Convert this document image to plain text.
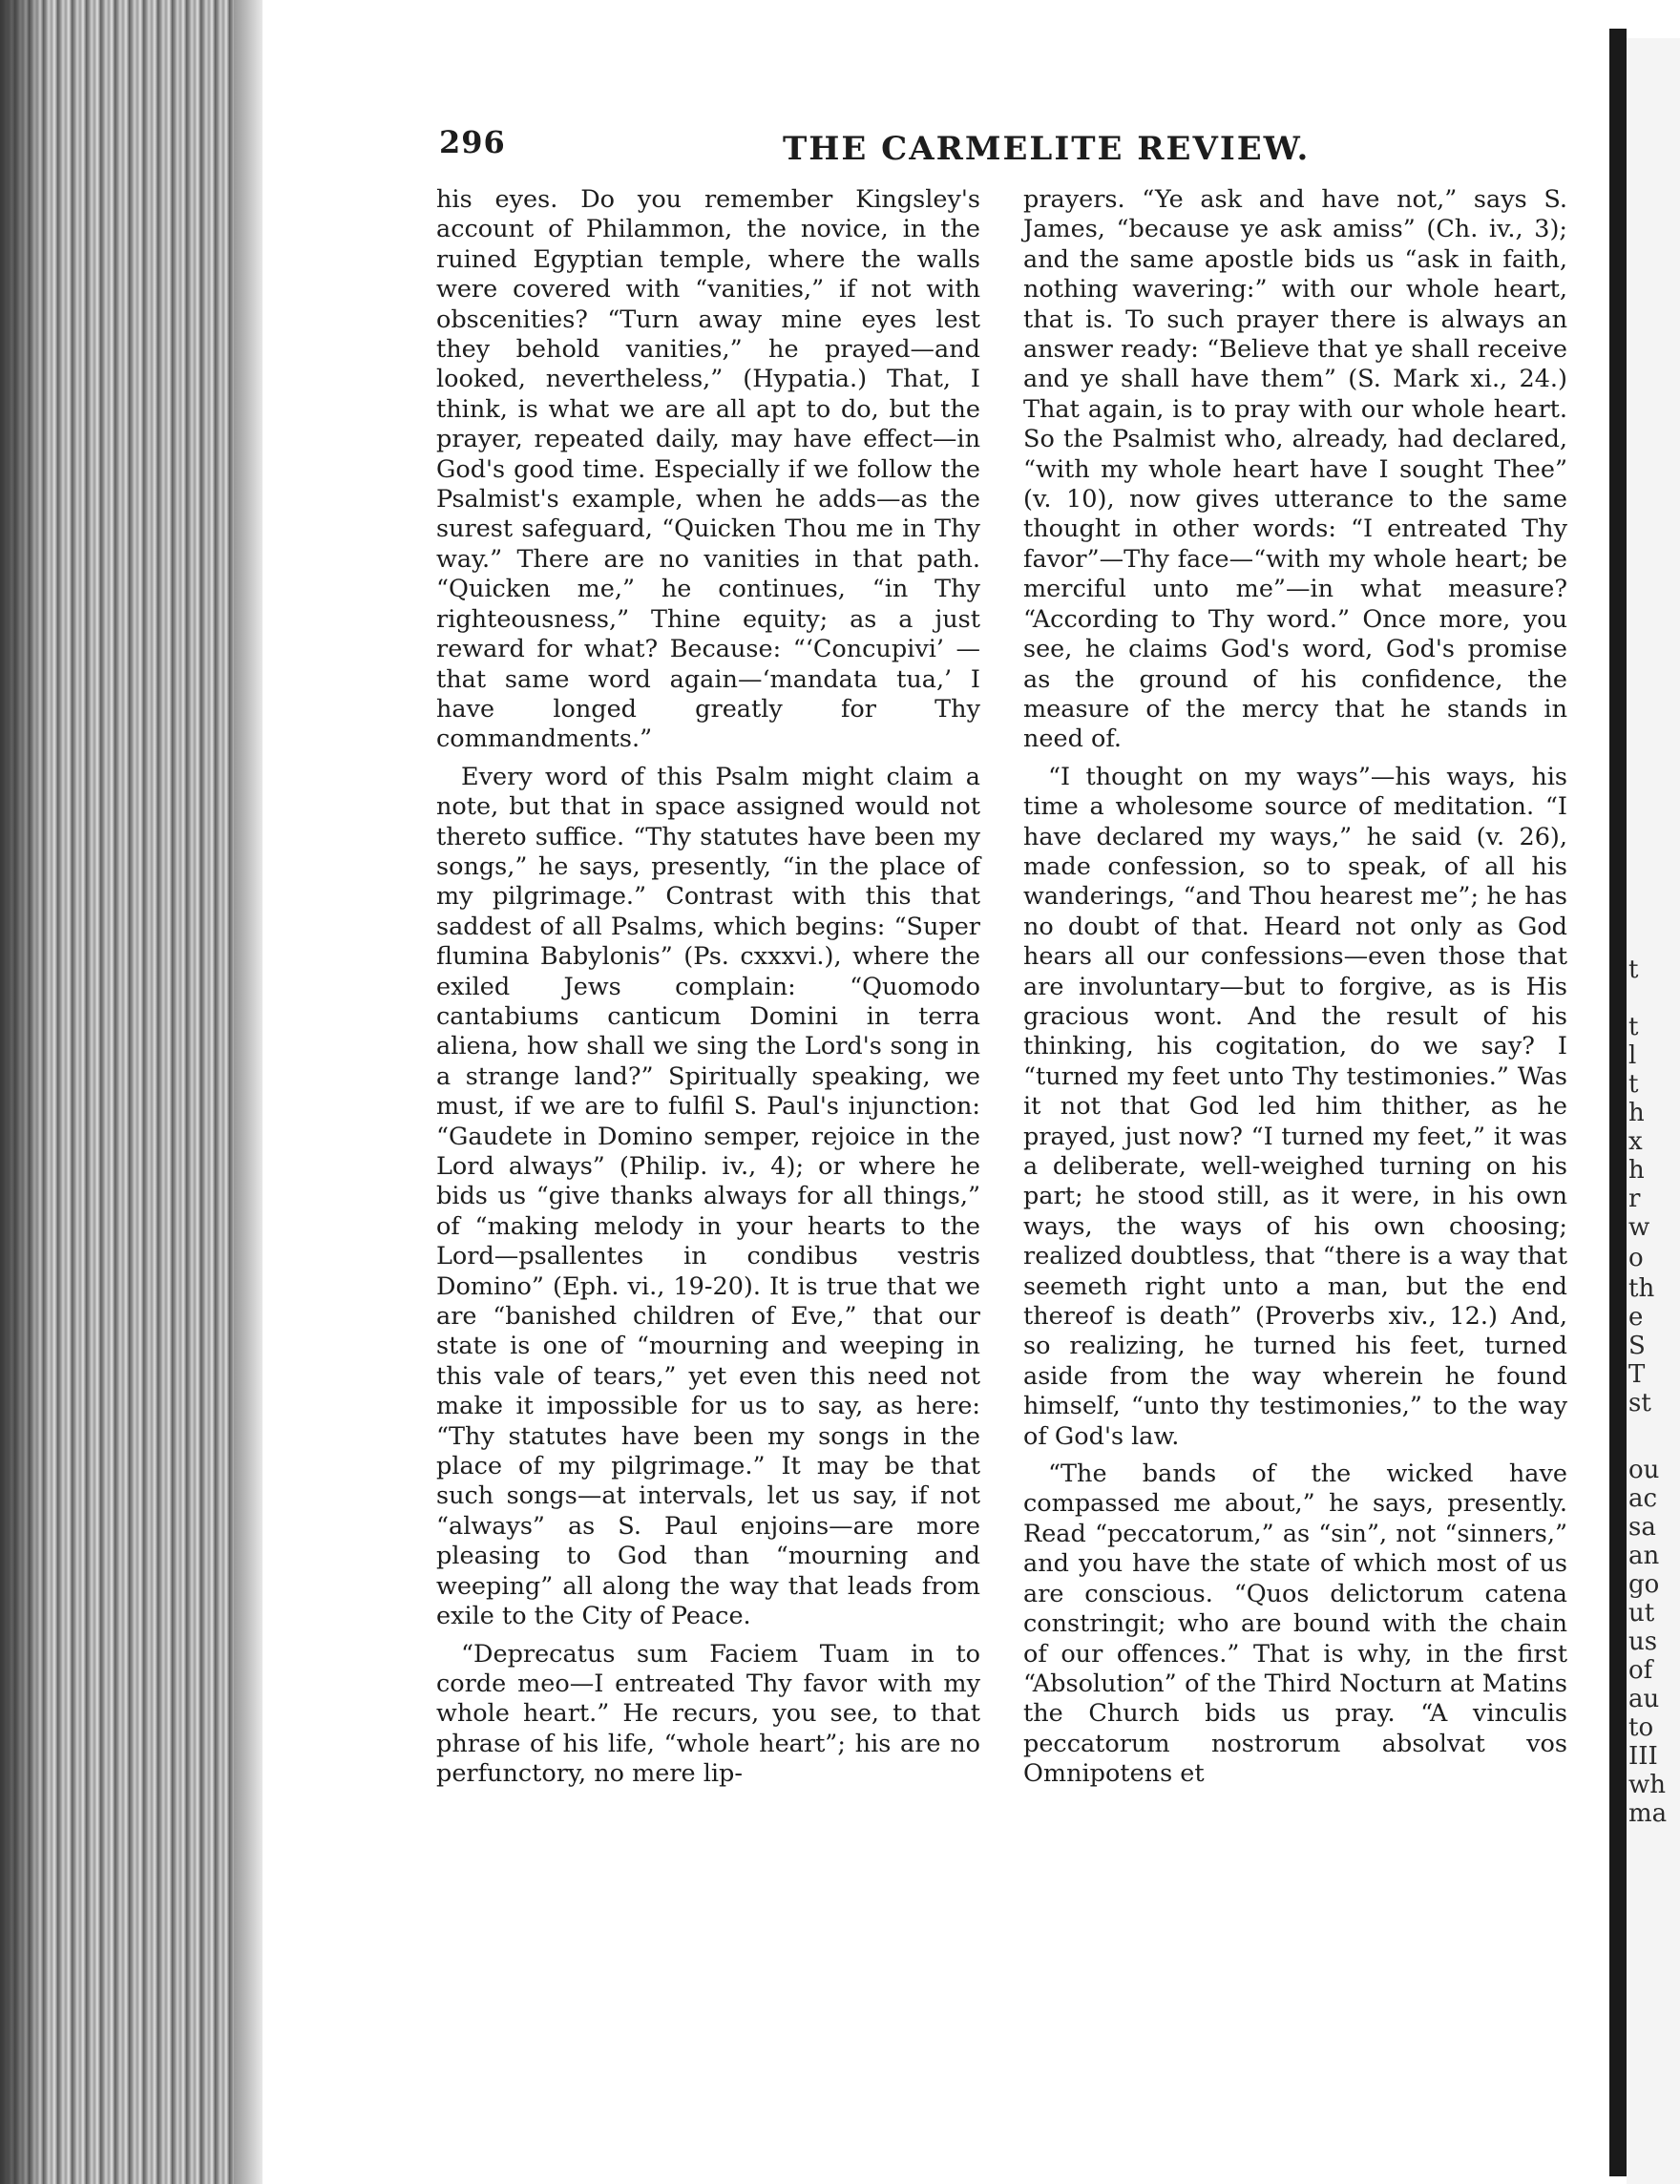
296	THE CARMELITE REVIEW.

his eyes. Do you remember Kingsley's account of Philammon, the novice, in the ruined Egyptian temple, where the walls were covered with “vanities,” if not with obscenities? “Turn away mine eyes lest they behold vanities,” he prayed—and looked, nevertheless,” (Hypatia.) That, I think, is what we are all apt to do, but the prayer, repeated daily, may have effect—in God's good time. Especially if we follow the Psalmist's example, when he adds—as the surest safeguard, “Quicken Thou me in Thy way.” There are no vanities in that path. “Quicken me,” he continues, “in Thy righteousness,” Thine equity; as a just reward for what? Because: “‘Concupivi’ —that same word again—‘mandata tua,’ I have longed greatly for Thy commandments.”

Every word of this Psalm might claim a note, but that in space assigned would not thereto suffice. “Thy statutes have been my songs,” he says, presently, “in the place of my pilgrimage.” Contrast with this that saddest of all Psalms, which begins: “Super flumina Babylonis” (Ps. cxxxvi.), where the exiled Jews complain: “Quomodo cantabiums canticum Domini in terra aliena, how shall we sing the Lord's song in a strange land?” Spiritually speaking, we must, if we are to fulfil S. Paul's injunction: “Gaudete in Domino semper, rejoice in the Lord always” (Philip. iv., 4); or where he bids us “give thanks always for all things,” of “making melody in your hearts to the Lord—psallentes in condibus vestris Domino” (Eph. vi., 19-20). It is true that we are “banished children of Eve,” that our state is one of “mourning and weeping in this vale of tears,” yet even this need not make it impossible for us to say, as here: “Thy statutes have been my songs in the place of my pilgrimage.” It may be that such songs—at intervals, let us say, if not “always” as S. Paul enjoins—are more pleasing to God than “mourning and weeping” all along the way that leads from exile to the City of Peace.

“Deprecatus sum Faciem Tuam in to corde meo—I entreated Thy favor with my whole heart.” He recurs, you see, to that phrase of his life, “whole heart”; his are no perfunctory, no mere lip-

prayers. “Ye ask and have not,” says S. James, “because ye ask amiss” (Ch. iv., 3); and the same apostle bids us “ask in faith, nothing wavering:” with our whole heart, that is. To such prayer there is always an answer ready: “Believe that ye shall receive and ye shall have them” (S. Mark xi., 24.) That again, is to pray with our whole heart. So the Psalmist who, already, had declared, “with my whole heart have I sought Thee” (v. 10), now gives utterance to the same thought in other words: “I entreated Thy favor”—Thy face—“with my whole heart; be merciful unto me”—in what measure? “According to Thy word.” Once more, you see, he claims God's word, God's promise as the ground of his confidence, the measure of the mercy that he stands in need of.

“I thought on my ways”—his ways, his time a wholesome source of meditation. “I have declared my ways,” he said (v. 26), made confession, so to speak, of all his wanderings, “and Thou hearest me”; he has no doubt of that. Heard not only as God hears all our confessions—even those that are involuntary—but to forgive, as is His gracious wont. And the result of his thinking, his cogitation, do we say? I “turned my feet unto Thy testimonies.” Was it not that God led him thither, as he prayed, just now? “I turned my feet,” it was a deliberate, well-weighed turning on his part; he stood still, as it were, in his own ways, the ways of his own choosing; realized doubtless, that “there is a way that seemeth right unto a man, but the end thereof is death” (Proverbs xiv., 12.) And, so realizing, he turned his feet, turned aside from the way wherein he found himself, “unto thy testimonies,” to the way of God's law.

“The bands of the wicked have compassed me about,” he says, presently. Read “peccatorum,” as “sin”, not “sinners,” and you have the state of which most of us are conscious. “Quos delictorum catena constringit; who are bound with the chain of our offences.” That is why, in the first “Absolution” of the Third Nocturn at Matins the Church bids us pray. “A vinculis peccatorum nostrorum absolvat vos Omnipotens et

t
t
l
t
h
x
h
r
w
o
th
e
S
T
st
ou
ac
sa
an
go
ut
us
of
au
to
III
wh
ma
